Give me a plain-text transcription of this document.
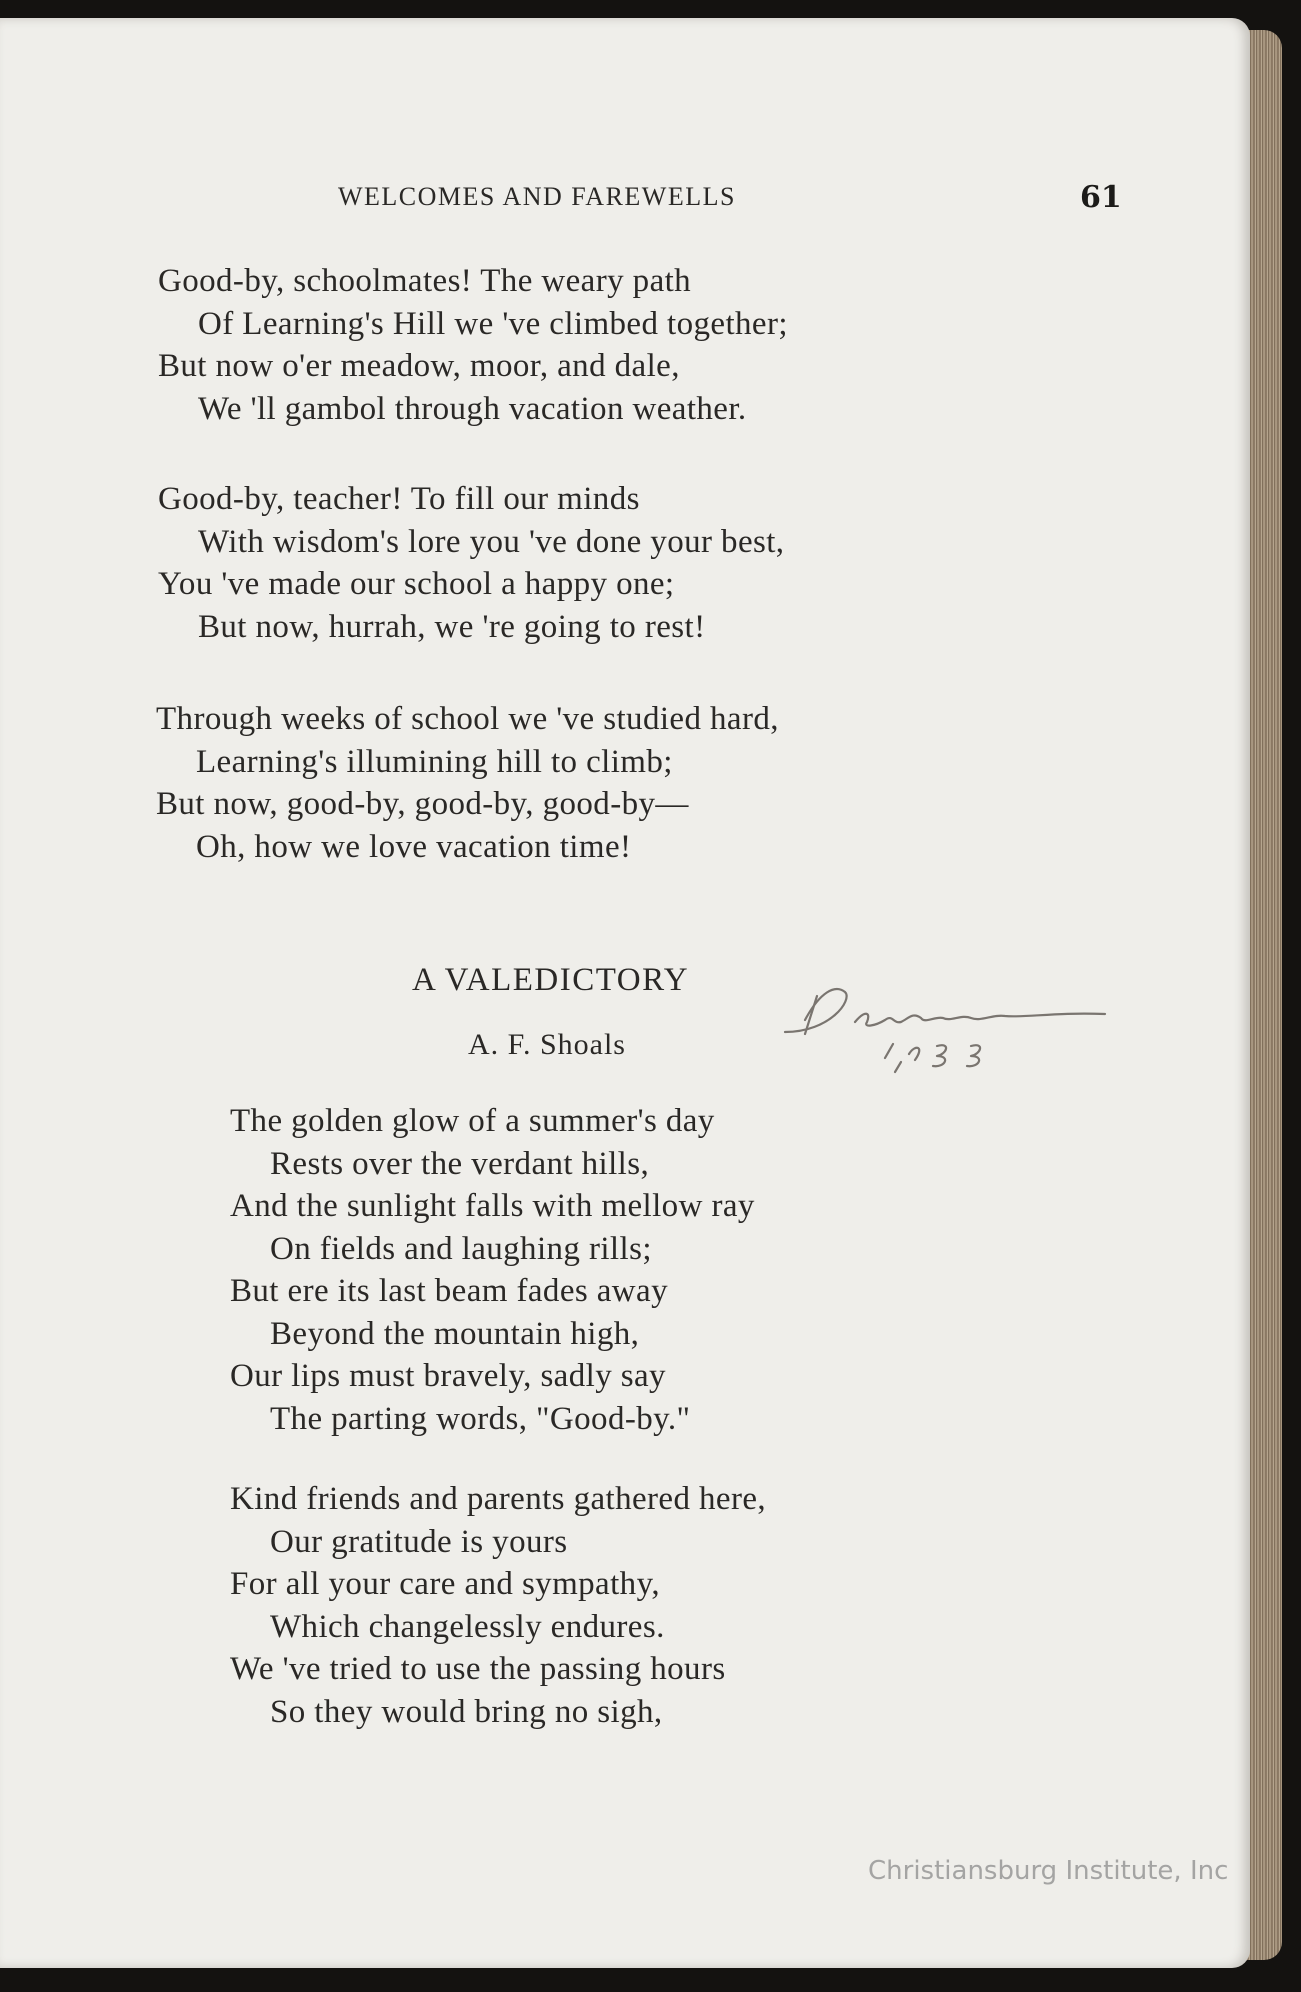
WELCOMES AND FAREWELLS	61
Good-by, schoolmates! The weary path
Of Learning's Hill we 've climbed together;
But now o'er meadow, moor, and dale,
We 'll gambol through vacation weather.
Good-by, teacher! To fill our minds
With wisdom's lore you 've done your best,
You 've made our school a happy one;
But now, hurrah, we 're going to rest!
Through weeks of school we 've studied hard,
Learning's illumining hill to climb;
But now, good-by, good-by, good-by—
Oh, how we love vacation time!
A VALEDICTORY
A. F. Shoals
The golden glow of a summer's day
Rests over the verdant hills,
And the sunlight falls with mellow ray
On fields and laughing rills;
But ere its last beam fades away
Beyond the mountain high,
Our lips must bravely, sadly say
The parting words, "Good-by."
Kind friends and parents gathered here,
Our gratitude is yours
For all your care and sympathy,
Which changelessly endures.
We 've tried to use the passing hours
So they would bring no sigh,
Christiansburg Institute, Inc
